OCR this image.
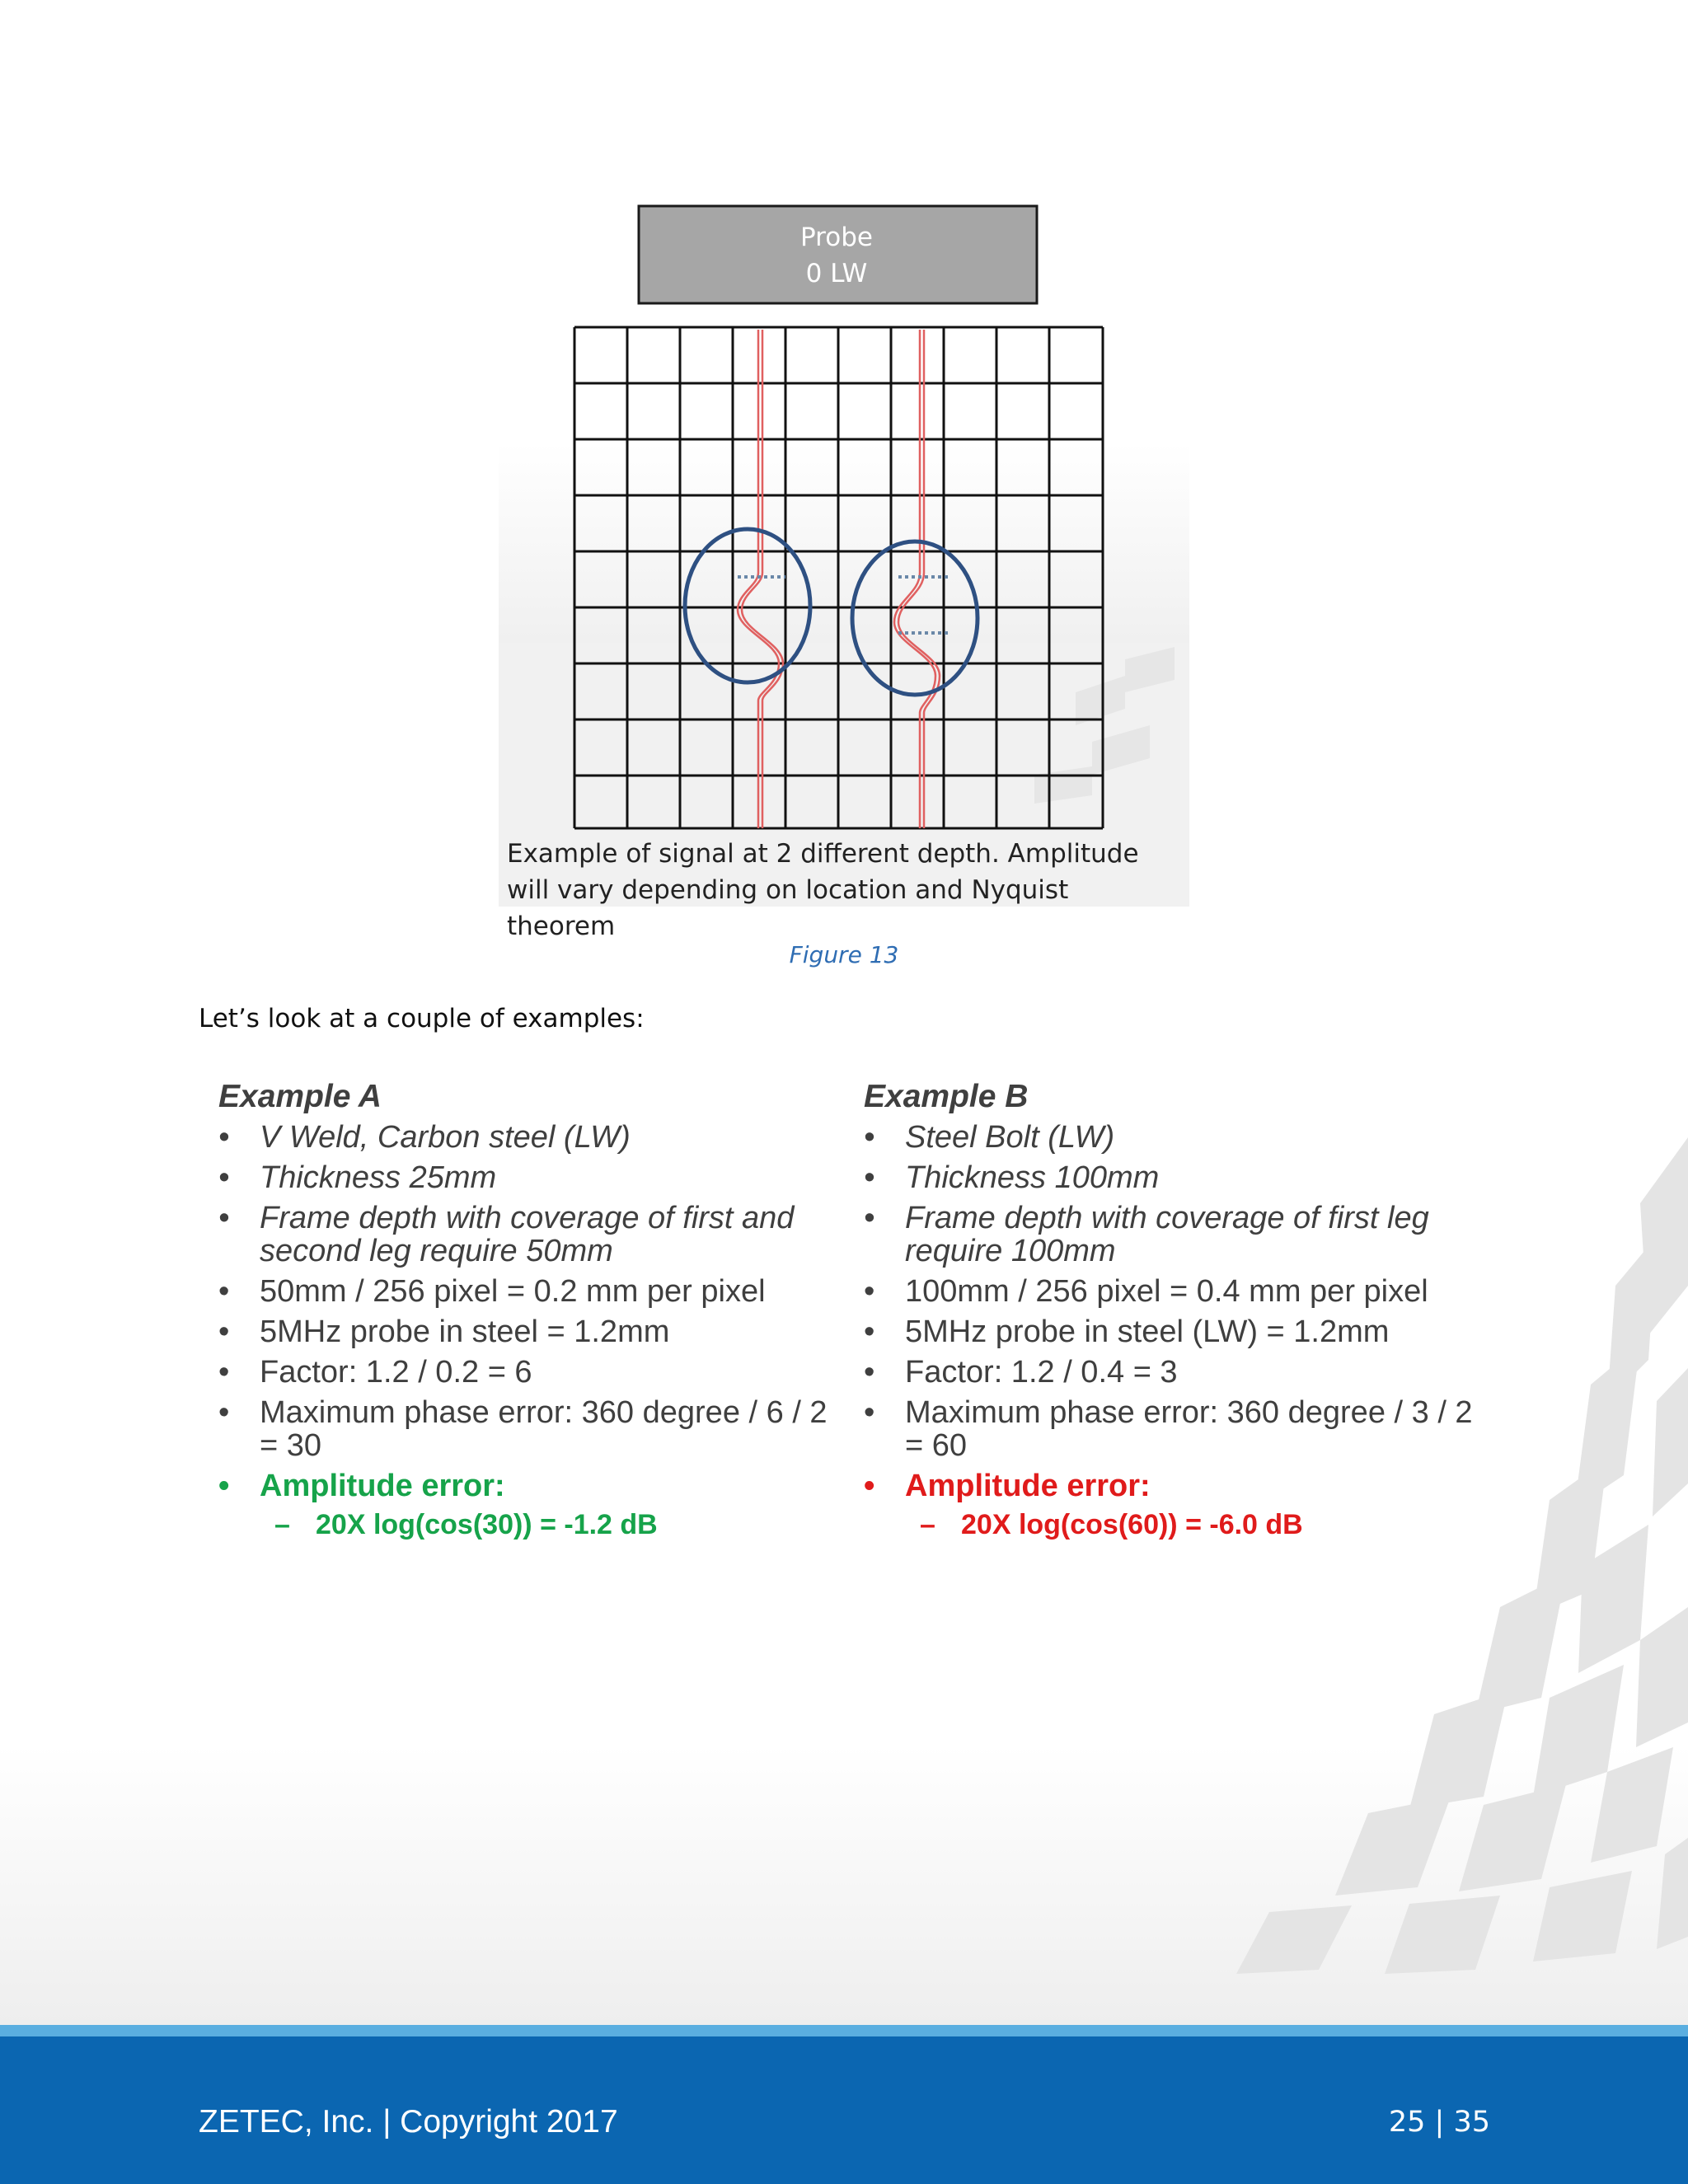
Probe
0 LW
Example of signal at 2 different depth. Amplitude will vary depending on location and Nyquist theorem
Figure 13
Let’s look at a couple of examples:
Example A
• V Weld, Carbon steel (LW)
• Thickness 25mm
• Frame depth with coverage of first and second leg require 50mm
• 50mm / 256 pixel = 0.2 mm per pixel
• 5MHz probe in steel = 1.2mm
• Factor: 1.2 / 0.2 = 6
• Maximum phase error: 360 degree / 6 / 2 = 30
• Amplitude error:
– 20X log(cos(30)) = -1.2 dB
Example B
• Steel Bolt (LW)
• Thickness 100mm
• Frame depth with coverage of first leg require 100mm
• 100mm / 256 pixel = 0.4 mm per pixel
• 5MHz probe in steel (LW) = 1.2mm
• Factor: 1.2 / 0.4 = 3
• Maximum phase error: 360 degree / 3 / 2 = 60
• Amplitude error:
– 20X log(cos(60)) = -6.0 dB
ZETEC, Inc. | Copyright 2017	25 | 35
